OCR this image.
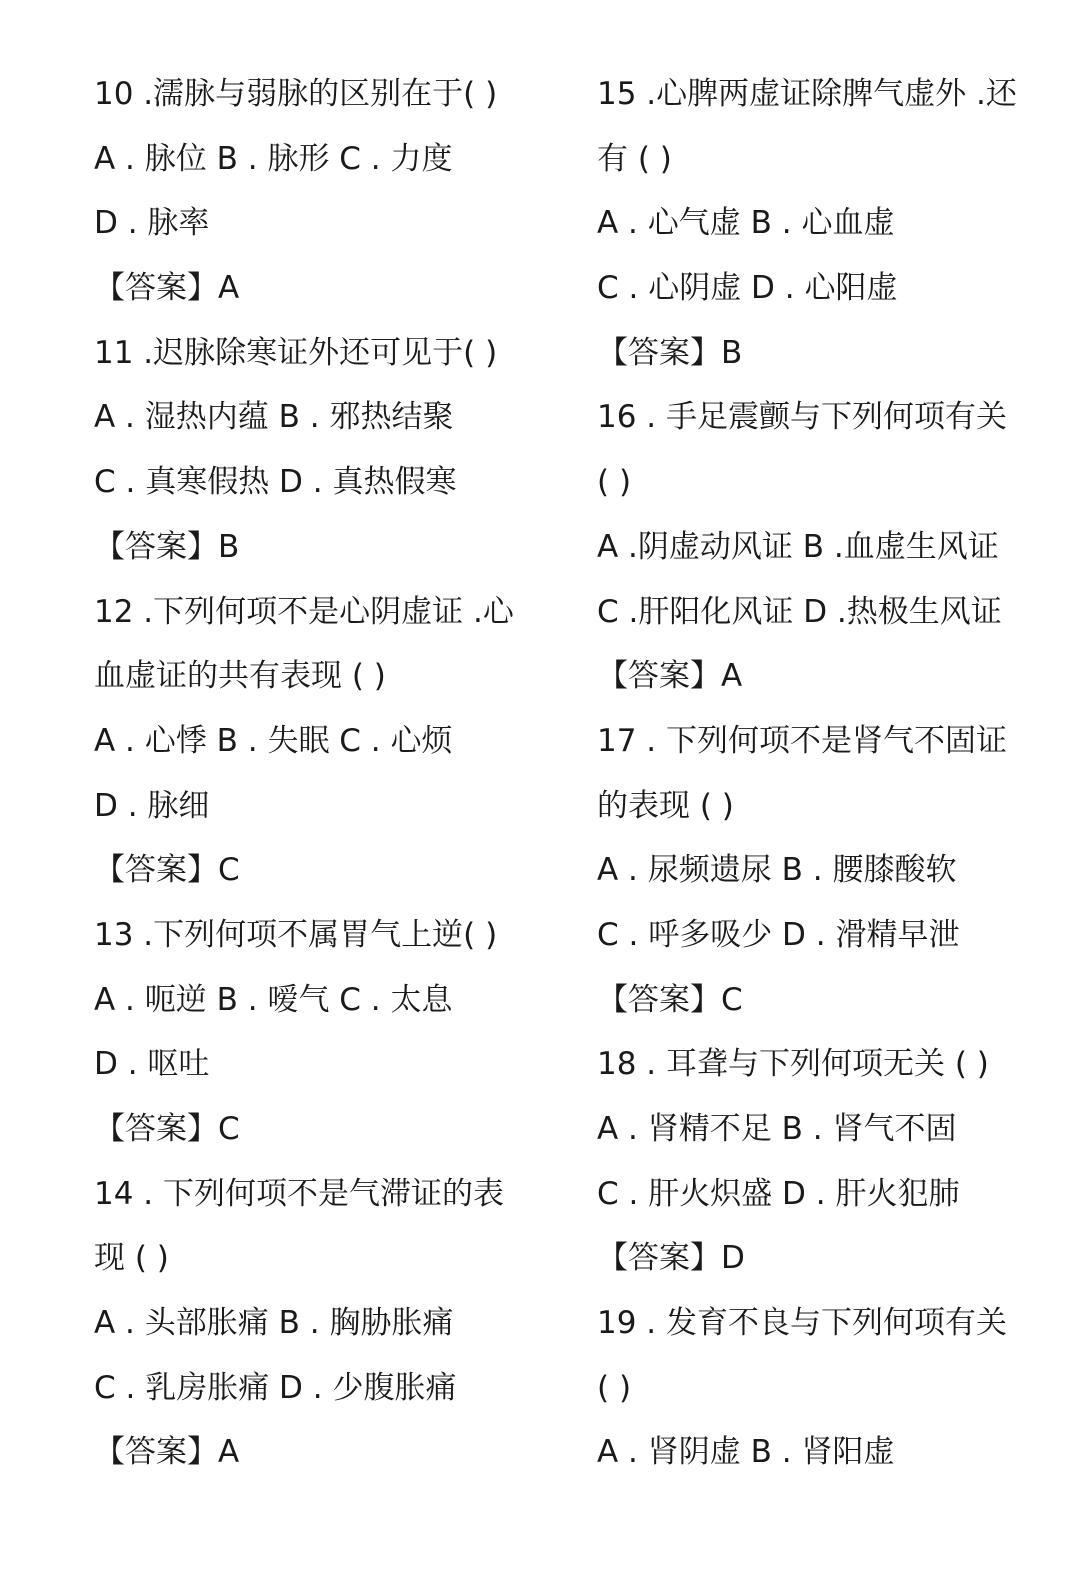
10 .濡脉与弱脉的区别在于( )
A . 脉位 B . 脉形 C . 力度
D . 脉率
【答案】A
11 .迟脉除寒证外还可见于( )
A . 湿热内蕴 B . 邪热结聚
C . 真寒假热 D . 真热假寒
【答案】B
12 .下列何项不是心阴虚证 .心
血虚证的共有表现 ( )
A . 心悸 B . 失眠 C . 心烦
D . 脉细
【答案】C
13 .下列何项不属胃气上逆( )
A . 呃逆 B . 嗳气 C . 太息
D . 呕吐
【答案】C
14 . 下列何项不是气滞证的表
现 ( )
A . 头部胀痛 B . 胸胁胀痛
C . 乳房胀痛 D . 少腹胀痛
【答案】A
15 .心脾两虚证除脾气虚外 .还
有 ( )
A . 心气虚 B . 心血虚
C . 心阴虚 D . 心阳虚
【答案】B
16 . 手足震颤与下列何项有关
( )
A .阴虚动风证 B .血虚生风证
C .肝阳化风证 D .热极生风证
【答案】A
17 . 下列何项不是肾气不固证
的表现 ( )
A . 尿频遗尿 B . 腰膝酸软
C . 呼多吸少 D . 滑精早泄
【答案】C
18 . 耳聋与下列何项无关 ( )
A . 肾精不足 B . 肾气不固
C . 肝火炽盛 D . 肝火犯肺
【答案】D
19 . 发育不良与下列何项有关
( )
A . 肾阴虚 B . 肾阳虚
